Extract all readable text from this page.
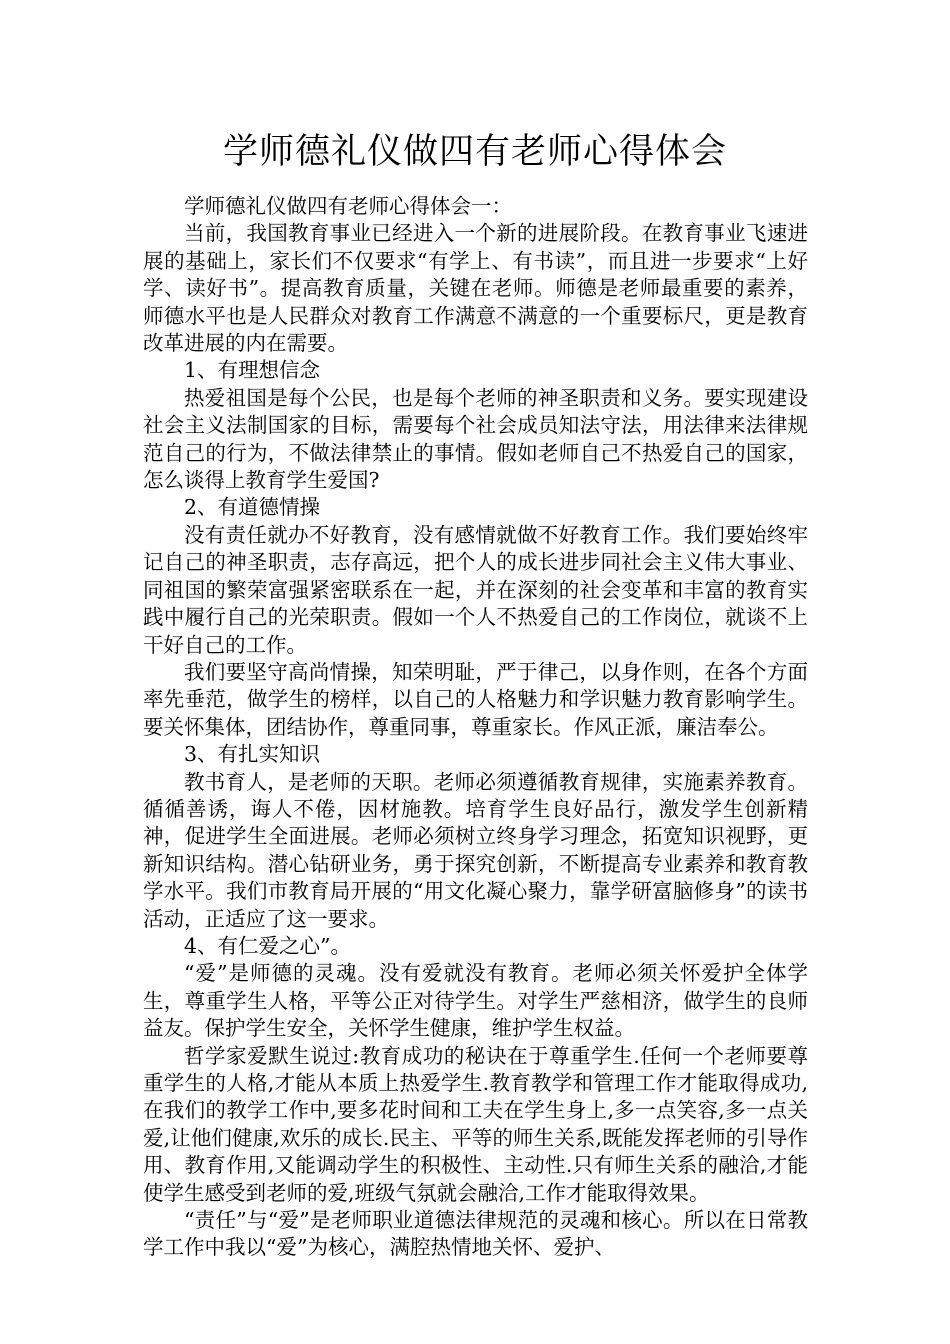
学师德礼仪做四有老师心得体会

学师德礼仪做四有老师心得体会一：

当前，我国教育事业已经进入一个新的进展阶段。在教育事业飞速进展的基础上，家长们不仅要求“有学上、有书读”，而且进一步要求“上好学、读好书”。提高教育质量，关键在老师。师德是老师最重要的素养，师德水平也是人民群众对教育工作满意不满意的一个重要标尺，更是教育改革进展的内在需要。

1、有理想信念

热爱祖国是每个公民，也是每个老师的神圣职责和义务。要实现建设社会主义法制国家的目标，需要每个社会成员知法守法，用法律来法律规范自己的行为，不做法律禁止的事情。假如老师自己不热爱自己的国家，怎么谈得上教育学生爱国?

2、有道德情操

没有责任就办不好教育，没有感情就做不好教育工作。我们要始终牢记自己的神圣职责，志存高远，把个人的成长进步同社会主义伟大事业、同祖国的繁荣富强紧密联系在一起，并在深刻的社会变革和丰富的教育实践中履行自己的光荣职责。假如一个人不热爱自己的工作岗位，就谈不上干好自己的工作。

我们要坚守高尚情操，知荣明耻，严于律己，以身作则，在各个方面率先垂范，做学生的榜样，以自己的人格魅力和学识魅力教育影响学生。要关怀集体，团结协作，尊重同事，尊重家长。作风正派，廉洁奉公。

3、有扎实知识

教书育人，是老师的天职。老师必须遵循教育规律，实施素养教育。循循善诱，诲人不倦，因材施教。培育学生良好品行，激发学生创新精神，促进学生全面进展。老师必须树立终身学习理念，拓宽知识视野，更新知识结构。潜心钻研业务，勇于探究创新，不断提高专业素养和教育教学水平。我们市教育局开展的“用文化凝心聚力，靠学研富脑修身”的读书活动，正适应了这一要求。

4、有仁爱之心”。

“爱”是师德的灵魂。没有爱就没有教育。老师必须关怀爱护全体学生，尊重学生人格，平等公正对待学生。对学生严慈相济，做学生的良师益友。保护学生安全，关怀学生健康，维护学生权益。

哲学家爱默生说过:教育成功的秘诀在于尊重学生.任何一个老师要尊重学生的人格,才能从本质上热爱学生.教育教学和管理工作才能取得成功,在我们的教学工作中,要多花时间和工夫在学生身上,多一点笑容,多一点关爱,让他们健康,欢乐的成长.民主、平等的师生关系,既能发挥老师的引导作用、教育作用,又能调动学生的积极性、主动性.只有师生关系的融洽,才能使学生感受到老师的爱,班级气氛就会融洽,工作才能取得效果。

“责任”与“爱”是老师职业道德法律规范的灵魂和核心。所以在日常教学工作中我以“爱”为核心，满腔热情地关怀、爱护、
